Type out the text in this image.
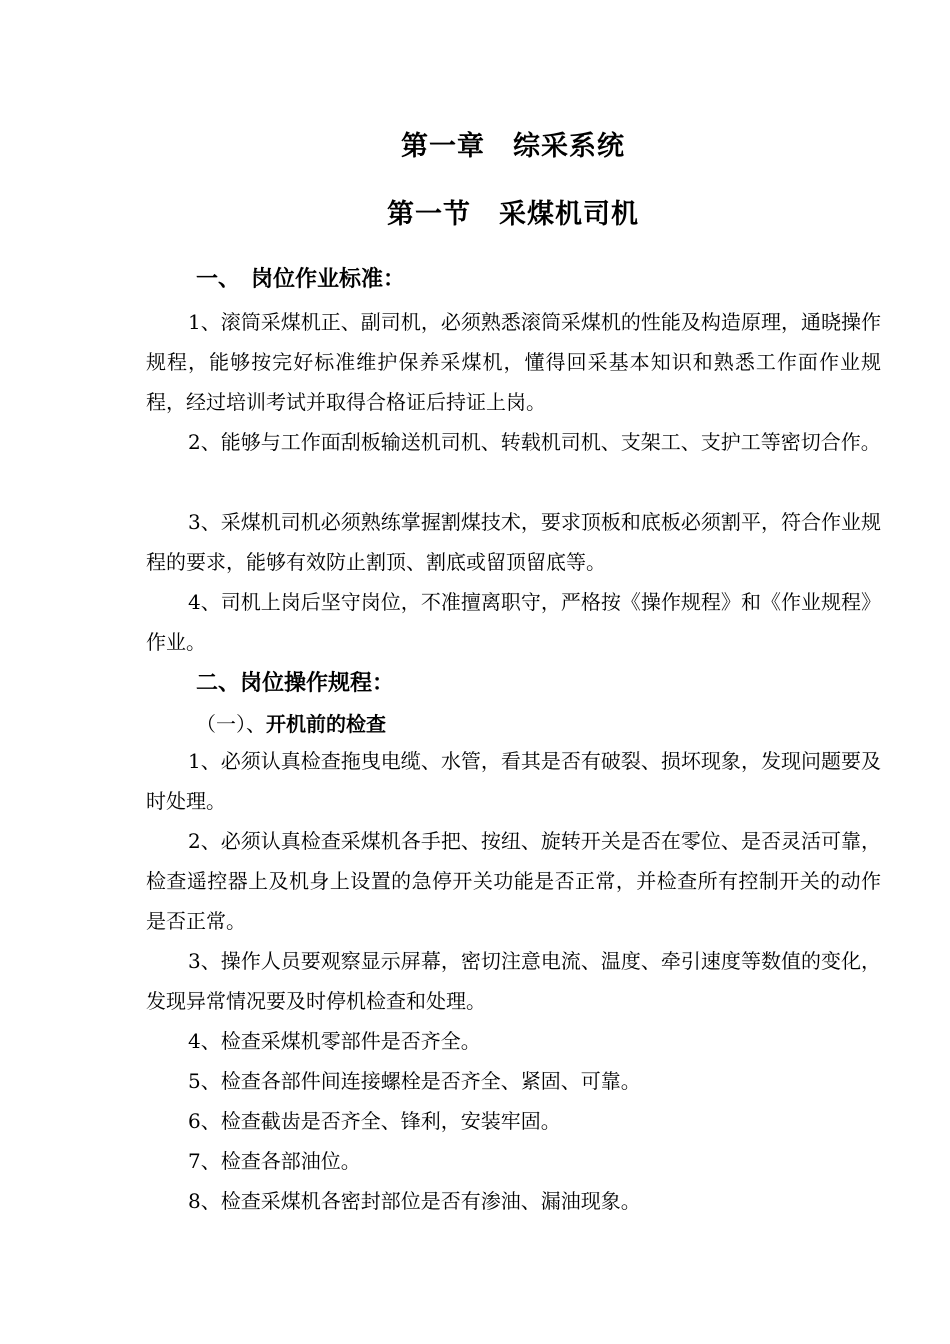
第一章　综采系统
第一节　采煤机司机
一、　岗位作业标准：
1、滚筒采煤机正、副司机，必须熟悉滚筒采煤机的性能及构造原理，通晓操作规程，能够按完好标准维护保养采煤机，懂得回采基本知识和熟悉工作面作业规程，经过培训考试并取得合格证后持证上岗。
2、能够与工作面刮板输送机司机、转载机司机、支架工、支护工等密切合作。
3、采煤机司机必须熟练掌握割煤技术，要求顶板和底板必须割平，符合作业规程的要求，能够有效防止割顶、割底或留顶留底等。
4、司机上岗后坚守岗位，不准擅离职守，严格按《操作规程》和《作业规程》作业。
二、岗位操作规程：
（一）、开机前的检查
1、必须认真检查拖曳电缆、水管，看其是否有破裂、损坏现象，发现问题要及时处理。
2、必须认真检查采煤机各手把、按纽、旋转开关是否在零位、是否灵活可靠，检查遥控器上及机身上设置的急停开关功能是否正常，并检查所有控制开关的动作是否正常。
3、操作人员要观察显示屏幕，密切注意电流、温度、牵引速度等数值的变化，发现异常情况要及时停机检查和处理。
4、检查采煤机零部件是否齐全。
5、检查各部件间连接螺栓是否齐全、紧固、可靠。
6、检查截齿是否齐全、锋利，安装牢固。
7、检查各部油位。
8、检查采煤机各密封部位是否有渗油、漏油现象。
